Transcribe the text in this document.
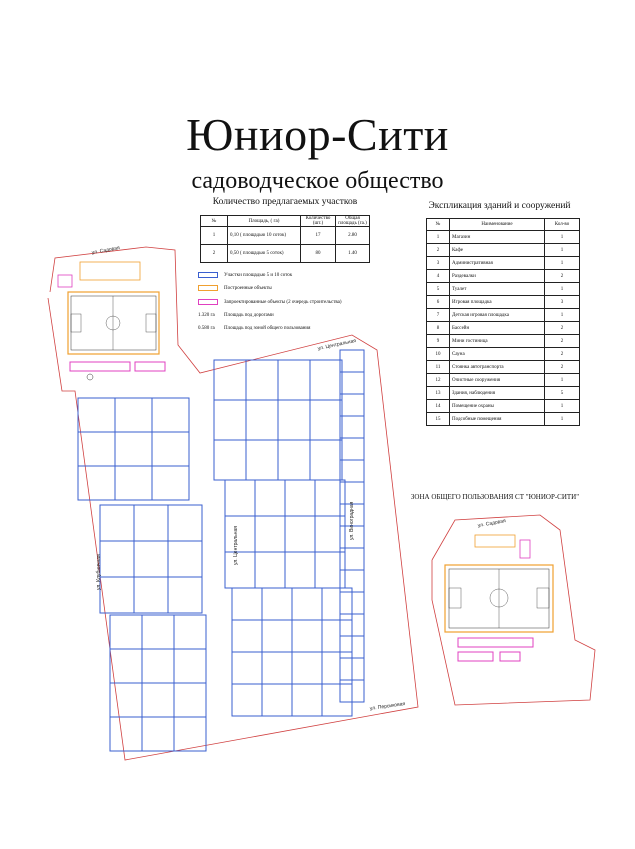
Юниор-Сити
садоводческое общество
Количество предлагаемых участков
№	Площадь, ( га)	Количество (шт.)	Общая площадь (га.)
1	0,10 ( площадью 10 соток)	17	2.80
2	0,50 ( площадью 5 соток)	80	1.40
Участки площадью 5 и 10 соток
Построенные объекты
Запроектированные объекты (2 очередь строительства)
1.320 га	Площадь под дорогами
0.580 га	Площадь под зоной общего пользования
Экспликация зданий и сооружений
№	Наименование	Кол-во
1	Магазин	1
2	Кафе	1
3	Административная	1
4	Раздевалки	2
5	Туалет	1
6	Игровая площадка	3
7	Детская игровая площадка	1
8	Бассейн	2
9	Мини гостиница	2
10	Сауна	2
11	Стоянка автотранспорта	2
12	Очистные сооружения	1
13	Здания, наблюдения	5
14	Помещение охраны	1
15	Подсобные помещения	1
ЗОНА ОБЩЕГО ПОЛЬЗОВАНИЯ СТ "ЮНИОР-СИТИ"
ул. Садовая
ул. Центральная
ул. Центральная
ул. Клубничная
ул. Виноградная
ул. Персиковая
ул. Садовая
